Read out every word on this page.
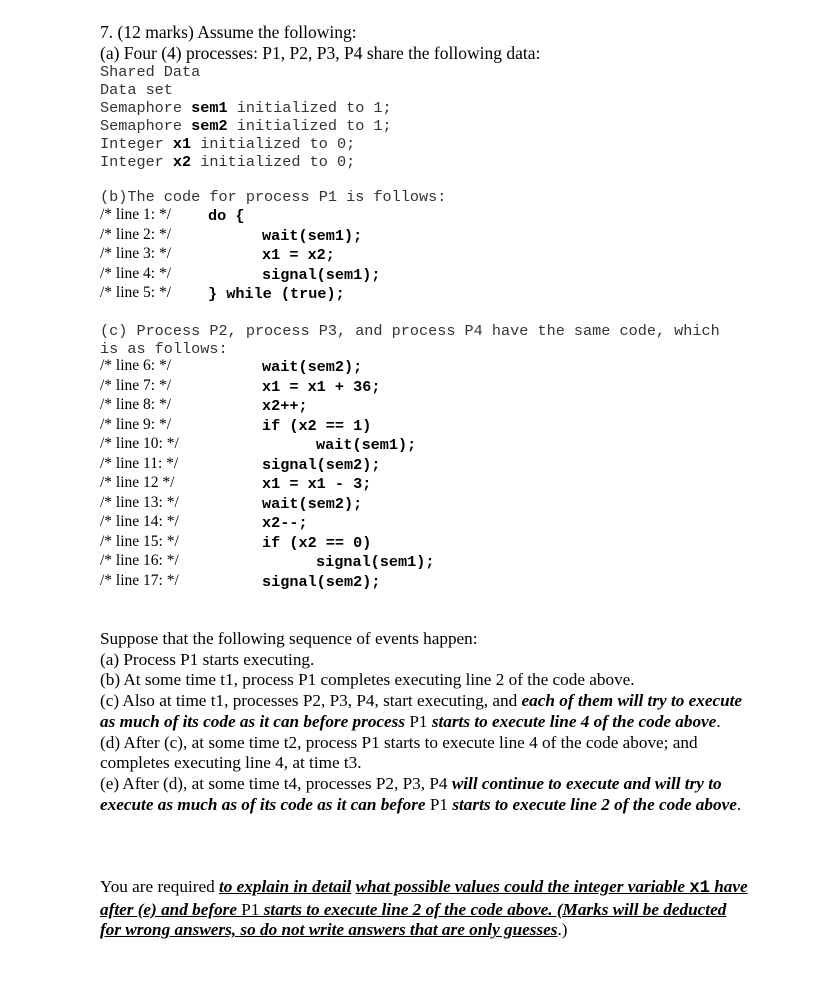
7. (12 marks) Assume the following:
(a) Four (4) processes: P1, P2, P3, P4 share the following data:
Shared Data
Data set
Semaphore sem1 initialized to 1;
Semaphore sem2 initialized to 1;
Integer x1 initialized to 0;
Integer x2 initialized to 0;
(b)The code for process P1 is follows:
/* line 1: */ do {
/* line 2: */	wait(sem1);
/* line 3: */	x1 = x2;
/* line 4: */	signal(sem1);
/* line 5: */ } while (true);
(c) Process P2, process P3, and process P4 have the same code, which
is as follows:
/* line 6: */	wait(sem2);
/* line 7: */	x1 = x1 + 36;
/* line 8: */	x2++;
/* line 9: */	if (x2 == 1)
/* line 10: */	wait(sem1);
/* line 11: */	signal(sem2);
/* line 12 */	x1 = x1 - 3;
/* line 13: */	wait(sem2);
/* line 14: */	x2--;
/* line 15: */	if (x2 == 0)
/* line 16: */	signal(sem1);
/* line 17: */	signal(sem2);
Suppose that the following sequence of events happen:
(a) Process P1 starts executing.
(b) At some time t1, process P1 completes executing line 2 of the code above.
(c) Also at time t1, processes P2, P3, P4, start executing, and each of them will try to execute as much of its code as it can before process P1 starts to execute line 4 of the code above.
(d) After (c), at some time t2, process P1 starts to execute line 4 of the code above; and completes executing line 4, at time t3.
(e) After (d), at some time t4, processes P2, P3, P4 will continue to execute and will try to execute as much as of its code as it can before P1 starts to execute line 2 of the code above.
You are required to explain in detail what possible values could the integer variable x1 have after (e) and before P1 starts to execute line 2 of the code above. (Marks will be deducted for wrong answers, so do not write answers that are only guesses.)
